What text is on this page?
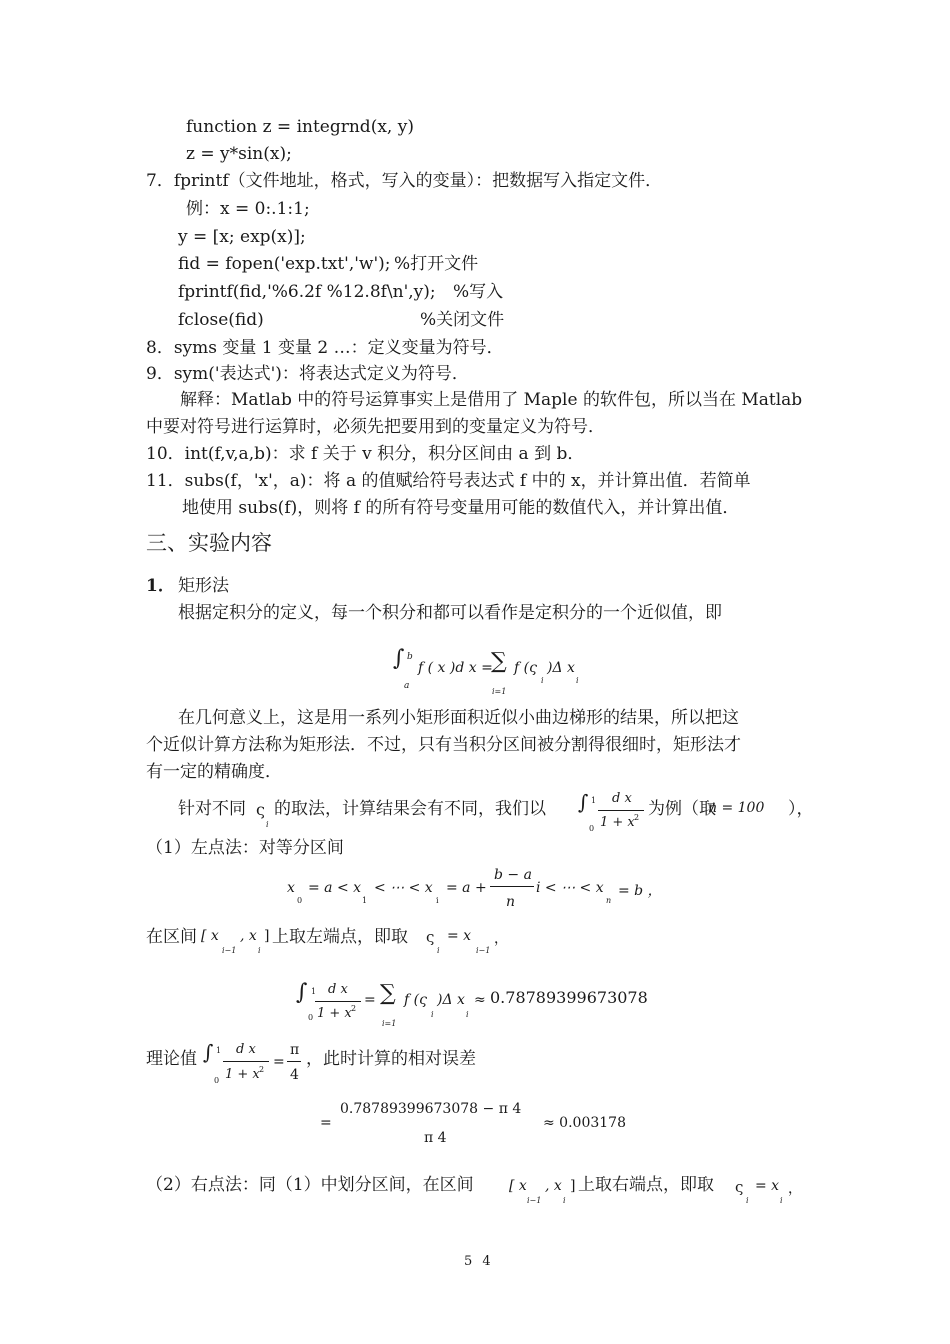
function z = integrnd(x, y)
z = y*sin(x);
7．fprintf（文件地址，格式，写入的变量）：把数据写入指定文件．
例：x = 0:.1:1;
y = [x; exp(x)];
fid = fopen('exp.txt','w'); %打开文件
fprintf(fid,'%6.2f %12.8f\n',y); %写入
fclose(fid)	%关闭文件
8．syms 变量 1 变量 2 …：定义变量为符号．
9．sym('表达式')：将表达式定义为符号．
解释：Matlab 中的符号运算事实上是借用了 Maple 的软件包，所以当在 Matlab
中要对符号进行运算时，必须先把要用到的变量定义为符号．
10．int(f,v,a,b)：求 f 关于 v 积分，积分区间由 a 到 b．
11．subs(f，'x'，a)：将 a 的值赋给符号表达式 f 中的 x，并计算出值．若简单
地使用 subs(f)，则将 f 的所有符号变量用可能的数值代入，并计算出值．
三、实验内容
1． 矩形法
根据定积分的定义，每一个积分和都可以看作是定积分的一个近似值，即
∫ b
a
f ( x )d x =
∑
i=1
f (ς
i
)Δ x
i
在几何意义上，这是用一系列小矩形面积近似小曲边梯形的结果，所以把这
个近似计算方法称为矩形法．不过，只有当积分区间被分割得很细时，矩形法才
有一定的精确度．
针对不同 ς
i
的取法，计算结果会有不同，我们以 ∫ 1
0
d x
1 + x 2 为例（取
n = 100 ），
（1）左点法：对等分区间
x
0
= a < x
1
< ⋯ < x
i
= a +
b − a
n
i < ⋯ < x
n
= b ，
在区间 [ x
i−1
, x
i
] 上取左端点，即取 ς
i
= x
i−1
，
∫ 1
0
d x
1 + x 2
= ∑
i=1
f (ς
i
)Δ x
i
≈ 0.78789399673078
理论值 ∫ 1
0
d x
1 + x 2 =
π
4
，此时计算的相对误差
=
0.78789399673078 − π 4
π 4
≈ 0.003178
（2）右点法：同（1）中划分区间，在区间	[ x
i−1
, x
i
] 上取右端点，即取 ς
i
= x
i
，
5 4
